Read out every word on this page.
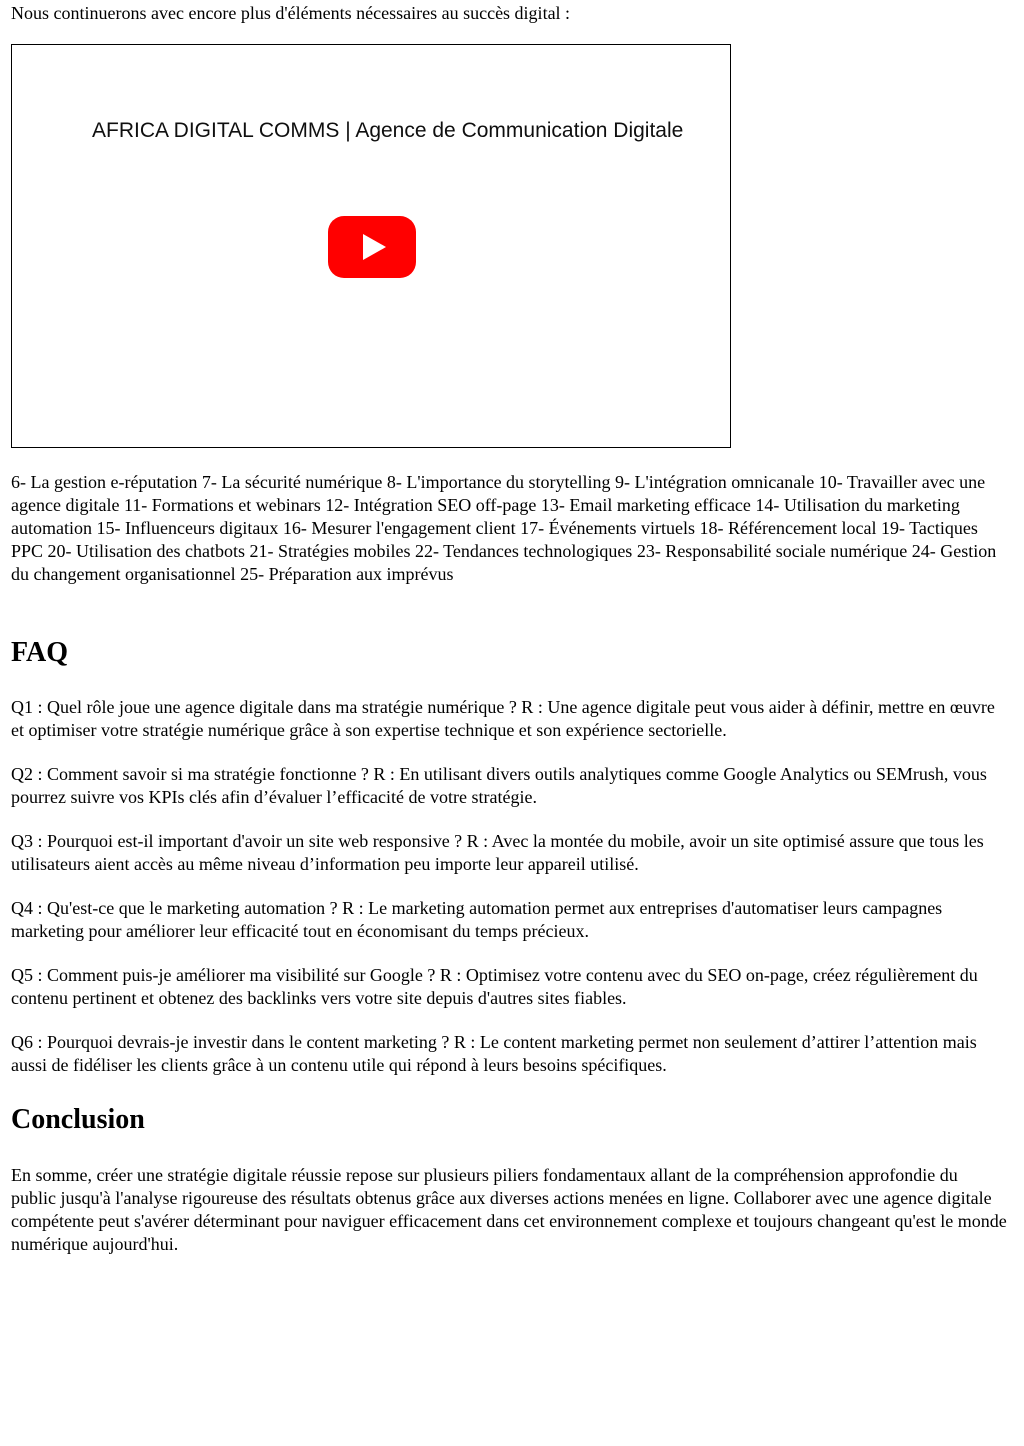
Nous continuerons avec encore plus d'éléments nécessaires au succès digital :

AFRICA DIGITAL COMMS | Agence de Communication Digitale

6- La gestion e-réputation 7- La sécurité numérique 8- L'importance du storytelling 9- L'intégration omnicanale 10- Travailler avec une agence digitale 11- Formations et webinars 12- Intégration SEO off-page 13- Email marketing efficace 14- Utilisation du marketing automation 15- Influenceurs digitaux 16- Mesurer l'engagement client 17- Événements virtuels 18- Référencement local 19- Tactiques PPC 20- Utilisation des chatbots 21- Stratégies mobiles 22- Tendances technologiques 23- Responsabilité sociale numérique 24- Gestion du changement organisationnel 25- Préparation aux imprévus

FAQ

Q1 : Quel rôle joue une agence digitale dans ma stratégie numérique ? R : Une agence digitale peut vous aider à définir, mettre en œuvre et optimiser votre stratégie numérique grâce à son expertise technique et son expérience sectorielle.

Q2 : Comment savoir si ma stratégie fonctionne ? R : En utilisant divers outils analytiques comme Google Analytics ou SEMrush, vous pourrez suivre vos KPIs clés afin d’évaluer l’efficacité de votre stratégie.

Q3 : Pourquoi est-il important d'avoir un site web responsive ? R : Avec la montée du mobile, avoir un site optimisé assure que tous les utilisateurs aient accès au même niveau d’information peu importe leur appareil utilisé.

Q4 : Qu'est-ce que le marketing automation ? R : Le marketing automation permet aux entreprises d'automatiser leurs campagnes marketing pour améliorer leur efficacité tout en économisant du temps précieux.

Q5 : Comment puis-je améliorer ma visibilité sur Google ? R : Optimisez votre contenu avec du SEO on-page, créez régulièrement du contenu pertinent et obtenez des backlinks vers votre site depuis d'autres sites fiables.

Q6 : Pourquoi devrais-je investir dans le content marketing ? R : Le content marketing permet non seulement d’attirer l’attention mais aussi de fidéliser les clients grâce à un contenu utile qui répond à leurs besoins spécifiques.

Conclusion

En somme, créer une stratégie digitale réussie repose sur plusieurs piliers fondamentaux allant de la compréhension approfondie du public jusqu'à l'analyse rigoureuse des résultats obtenus grâce aux diverses actions menées en ligne. Collaborer avec une agence digitale compétente peut s'avérer déterminant pour naviguer efficacement dans cet environnement complexe et toujours changeant qu'est le monde numérique aujourd'hui.
